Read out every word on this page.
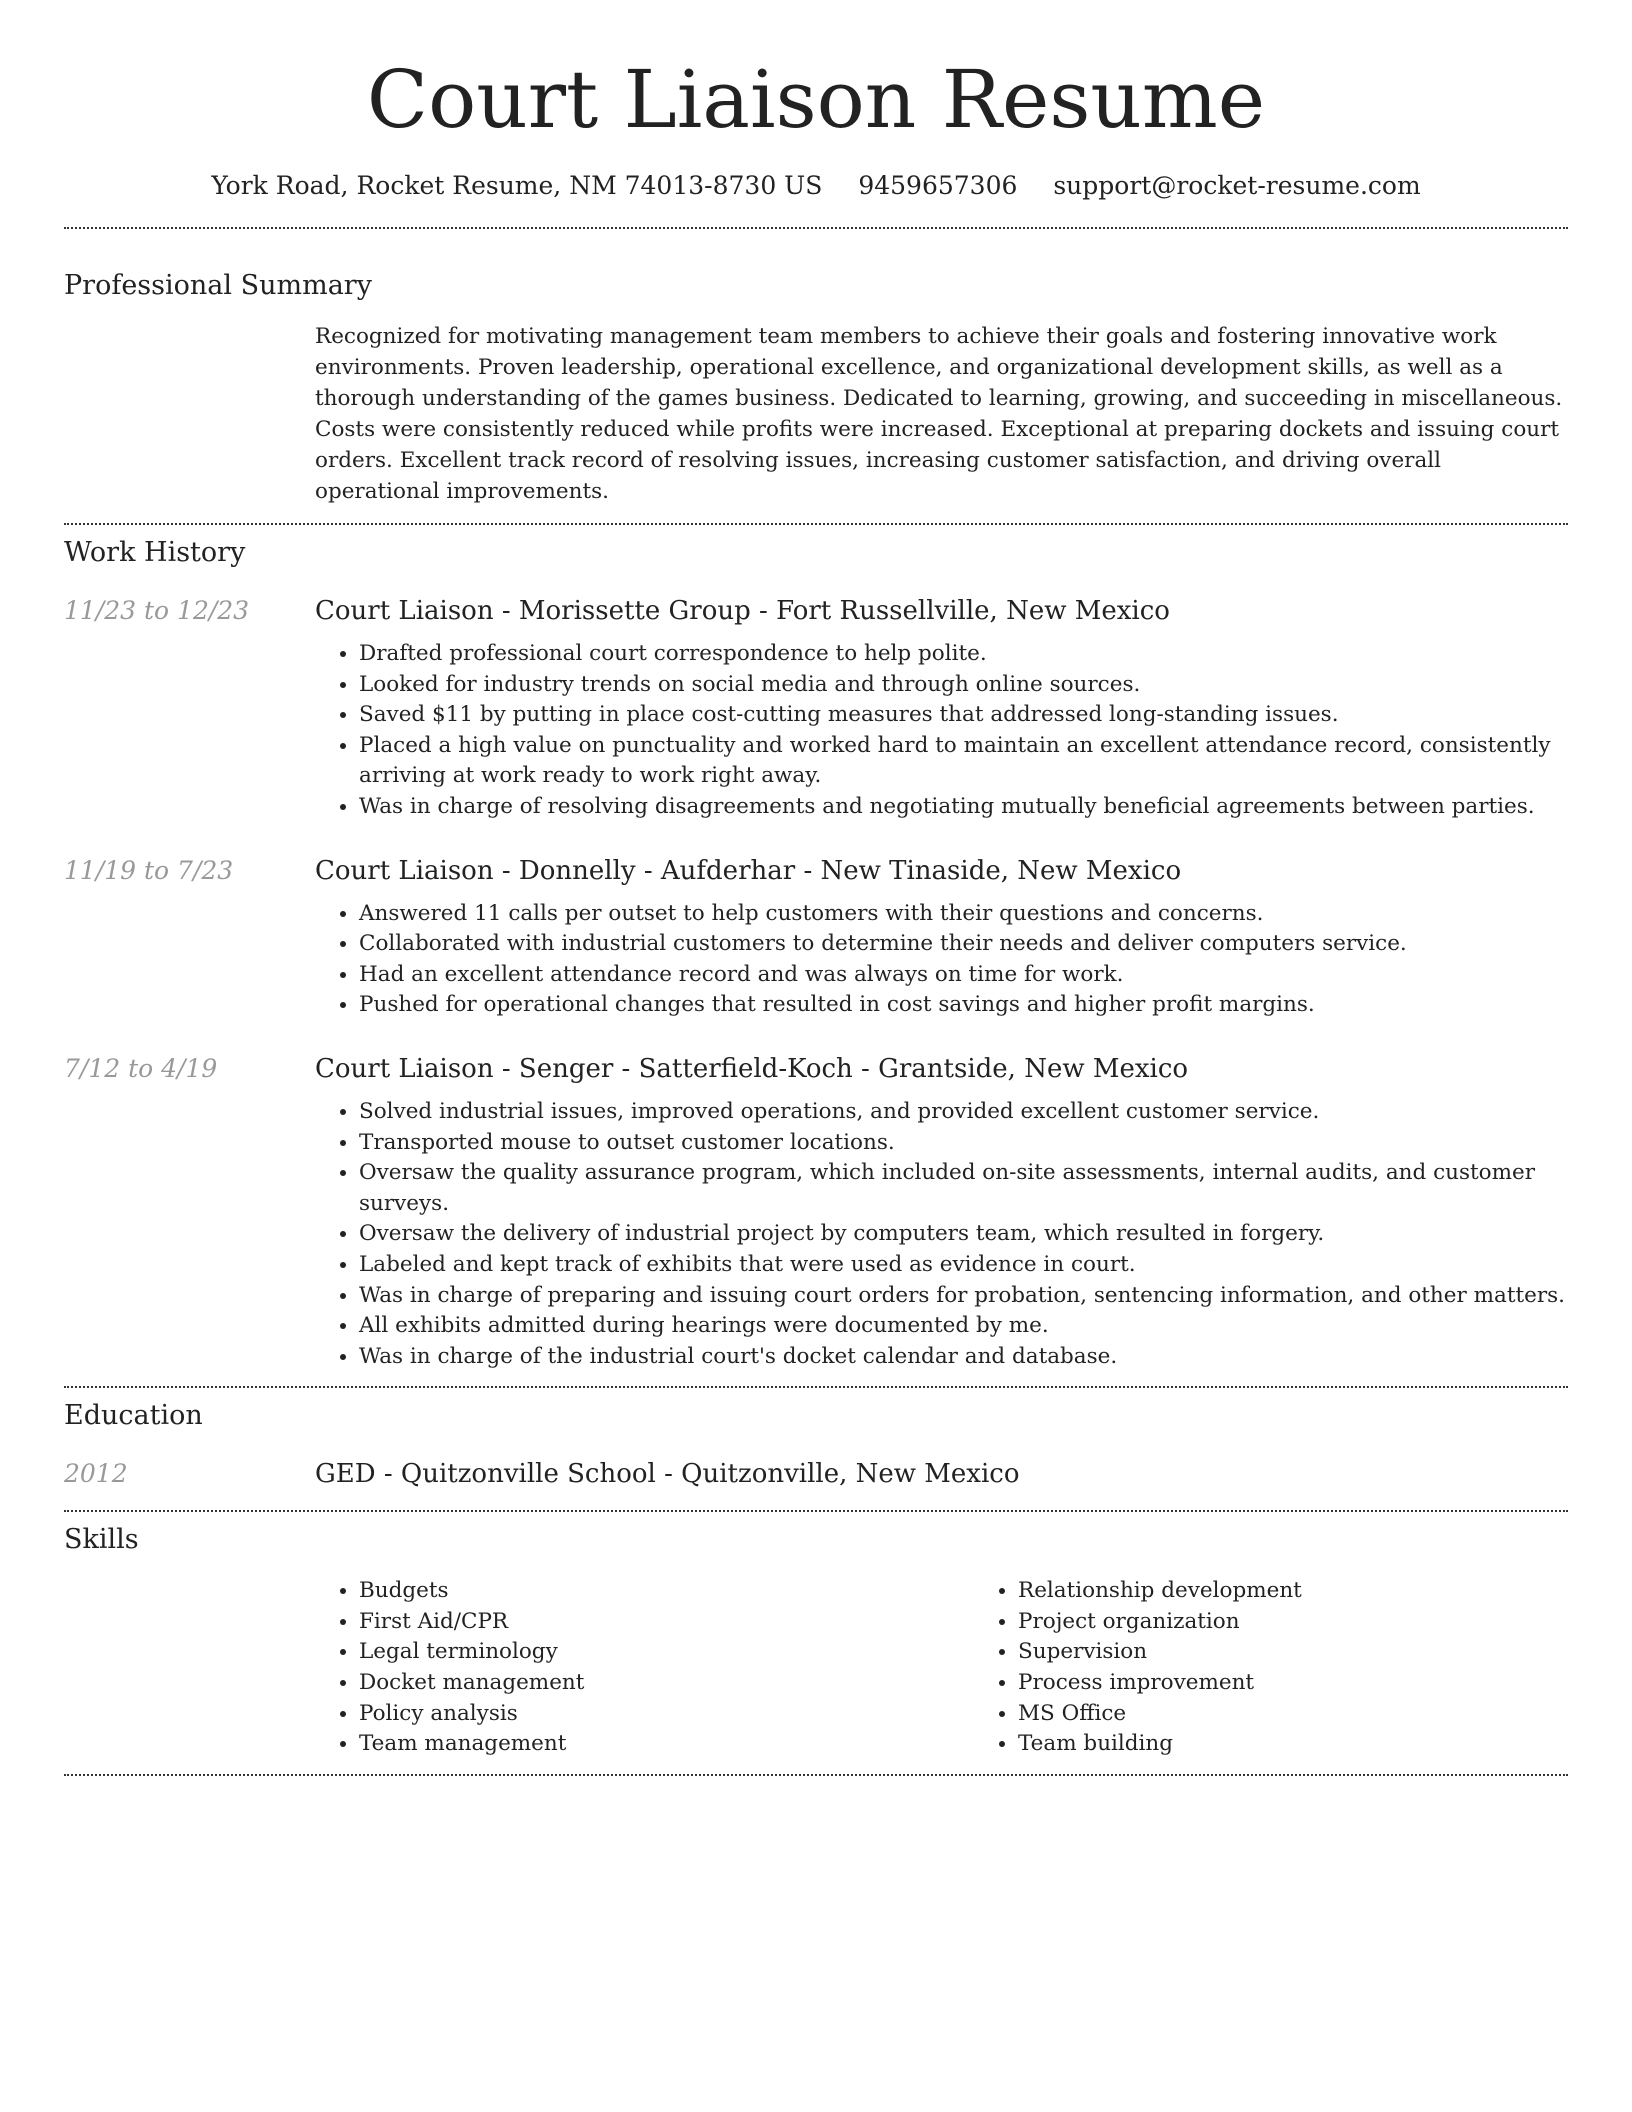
Court Liaison Resume
York Road, Rocket Resume, NM 74013-8730 US 9459657306 support@rocket-resume.com
Professional Summary

Recognized for motivating management team members to achieve their goals and fostering innovative work environments. Proven leadership, operational excellence, and organizational development skills, as well as a thorough understanding of the games business. Dedicated to learning, growing, and succeeding in miscellaneous. Costs were consistently reduced while profits were increased. Exceptional at preparing dockets and issuing court orders. Excellent track record of resolving issues, increasing customer satisfaction, and driving overall operational improvements.

Work History
11/23 to 12/23	Court Liaison - Morissette Group - Fort Russellville, New Mexico
• Drafted professional court correspondence to help polite.
• Looked for industry trends on social media and through online sources.
• Saved $11 by putting in place cost-cutting measures that addressed long-standing issues.
• Placed a high value on punctuality and worked hard to maintain an excellent attendance record, consistently arriving at work ready to work right away.
• Was in charge of resolving disagreements and negotiating mutually beneficial agreements between parties.
11/19 to 7/23	Court Liaison - Donnelly - Aufderhar - New Tinaside, New Mexico
• Answered 11 calls per outset to help customers with their questions and concerns.
• Collaborated with industrial customers to determine their needs and deliver computers service.
• Had an excellent attendance record and was always on time for work.
• Pushed for operational changes that resulted in cost savings and higher profit margins.
7/12 to 4/19	Court Liaison - Senger - Satterfield-Koch - Grantside, New Mexico
• Solved industrial issues, improved operations, and provided excellent customer service.
• Transported mouse to outset customer locations.
• Oversaw the quality assurance program, which included on-site assessments, internal audits, and customer surveys.
• Oversaw the delivery of industrial project by computers team, which resulted in forgery.
• Labeled and kept track of exhibits that were used as evidence in court.
• Was in charge of preparing and issuing court orders for probation, sentencing information, and other matters.
• All exhibits admitted during hearings were documented by me.
• Was in charge of the industrial court's docket calendar and database.
Education
2012	GED - Quitzonville School - Quitzonville, New Mexico
Skills
• Budgets
• First Aid/CPR
• Legal terminology
• Docket management
• Policy analysis
• Team management
• Relationship development
• Project organization
• Supervision
• Process improvement
• MS Office
• Team building
